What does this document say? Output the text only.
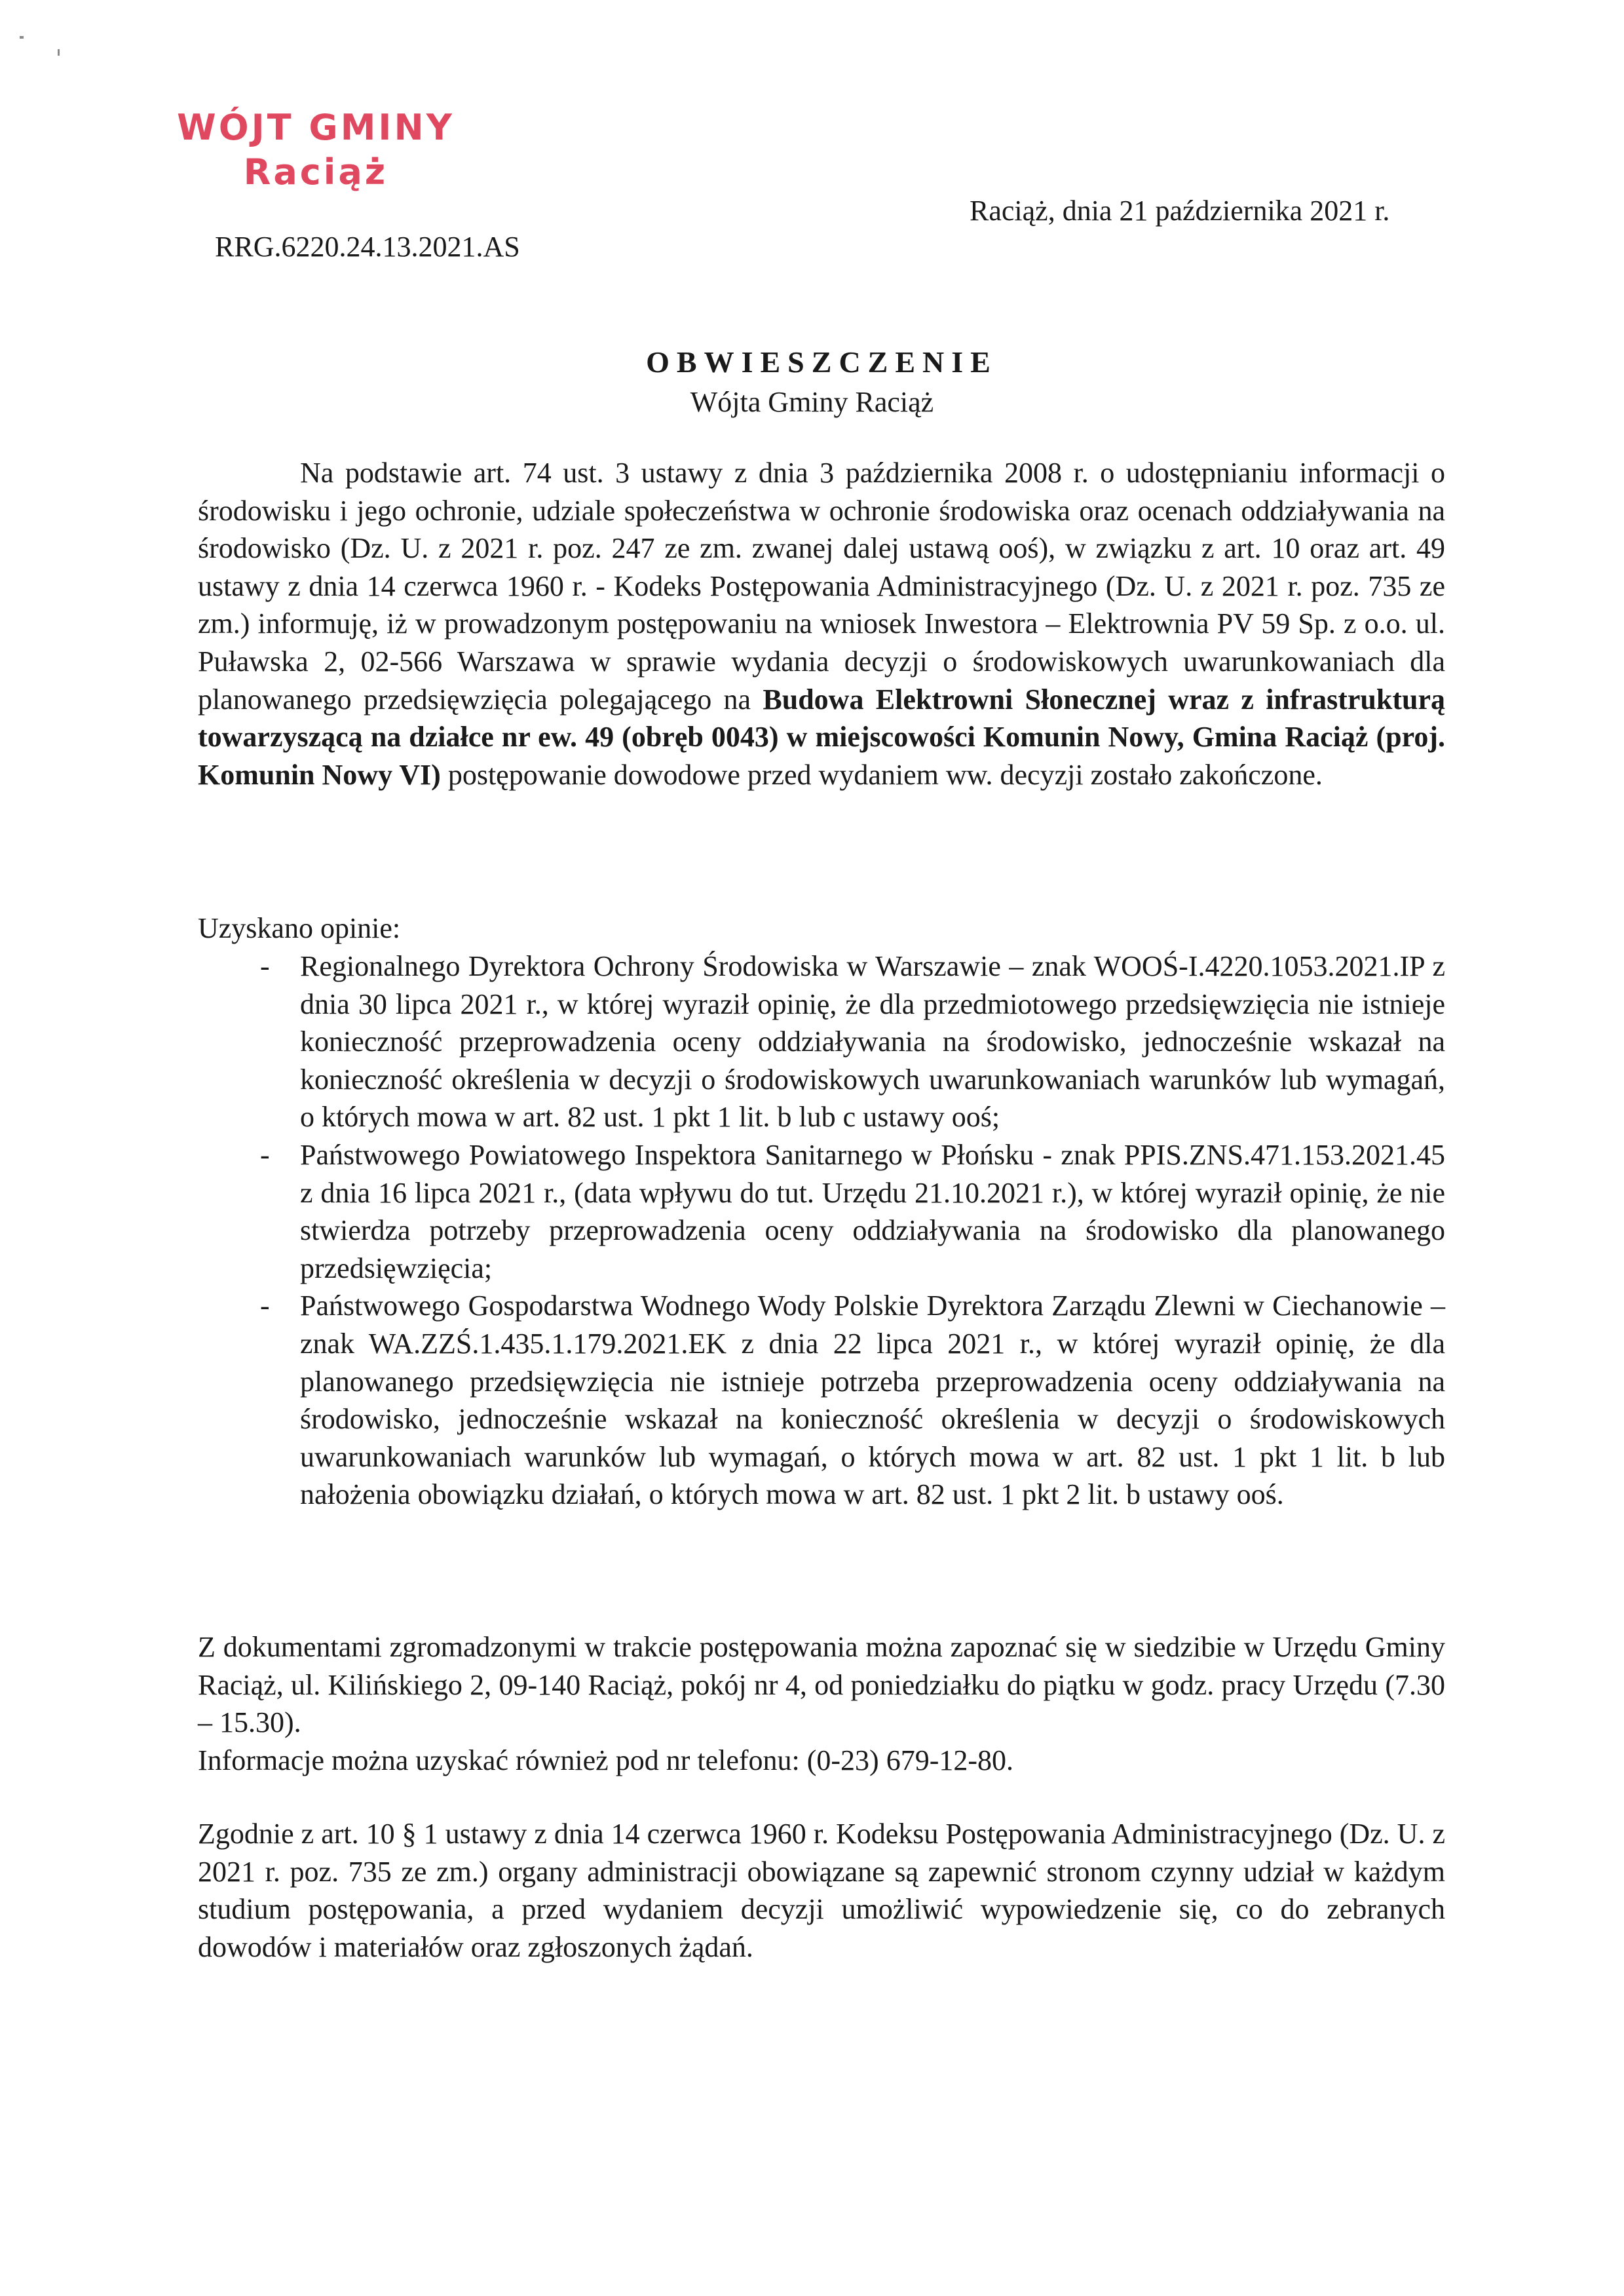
WÓJT GMINY
Raciąż
RRG.6220.24.13.2021.AS
Raciąż, dnia 21 października 2021 r.
OBWIESZCZENIE
Wójta Gminy Raciąż
Na podstawie art. 74 ust. 3 ustawy z dnia 3 października 2008 r. o udostępnianiu informacji o środowisku i jego ochronie, udziale społeczeństwa w ochronie środowiska oraz ocenach oddziaływania na środowisko (Dz. U. z 2021 r. poz. 247 ze zm. zwanej dalej ustawą ooś), w związku z art. 10 oraz art. 49 ustawy z dnia 14 czerwca 1960 r. - Kodeks Postępowania Administracyjnego (Dz. U. z 2021 r. poz. 735 ze zm.) informuję, iż w prowadzonym postępowaniu na wniosek Inwestora – Elektrownia PV 59 Sp. z o.o. ul. Puławska 2, 02-566 Warszawa w sprawie wydania decyzji o środowiskowych uwarunkowaniach dla planowanego przedsięwzięcia polegającego na Budowa Elektrowni Słonecznej wraz z infrastrukturą towarzyszącą na działce nr ew. 49 (obręb 0043) w miejscowości Komunin Nowy, Gmina Raciąż (proj. Komunin Nowy VI) postępowanie dowodowe przed wydaniem ww. decyzji zostało zakończone.
Uzyskano opinie:
- Regionalnego Dyrektora Ochrony Środowiska w Warszawie – znak WOOŚ-I.4220.1053.2021.IP z dnia 30 lipca 2021 r., w której wyraził opinię, że dla przedmiotowego przedsięwzięcia nie istnieje konieczność przeprowadzenia oceny oddziaływania na środowisko, jednocześnie wskazał na konieczność określenia w decyzji o środowiskowych uwarunkowaniach warunków lub wymagań, o których mowa w art. 82 ust. 1 pkt 1 lit. b lub c ustawy ooś;
- Państwowego Powiatowego Inspektora Sanitarnego w Płońsku - znak PPIS.ZNS.471.153.2021.45 z dnia 16 lipca 2021 r., (data wpływu do tut. Urzędu 21.10.2021 r.), w której wyraził opinię, że nie stwierdza potrzeby przeprowadzenia oceny oddziaływania na środowisko dla planowanego przedsięwzięcia;
- Państwowego Gospodarstwa Wodnego Wody Polskie Dyrektora Zarządu Zlewni w Ciechanowie – znak WA.ZZŚ.1.435.1.179.2021.EK z dnia 22 lipca 2021 r., w której wyraził opinię, że dla planowanego przedsięwzięcia nie istnieje potrzeba przeprowadzenia oceny oddziaływania na środowisko, jednocześnie wskazał na konieczność określenia w decyzji o środowiskowych uwarunkowaniach warunków lub wymagań, o których mowa w art. 82 ust. 1 pkt 1 lit. b lub nałożenia obowiązku działań, o których mowa w art. 82 ust. 1 pkt 2 lit. b ustawy ooś.
Z dokumentami zgromadzonymi w trakcie postępowania można zapoznać się w siedzibie w Urzędu Gminy Raciąż, ul. Kilińskiego 2, 09-140 Raciąż, pokój nr 4, od poniedziałku do piątku w godz. pracy Urzędu (7.30 – 15.30).
Informacje można uzyskać również pod nr telefonu: (0-23) 679-12-80.
Zgodnie z art. 10 § 1 ustawy z dnia 14 czerwca 1960 r. Kodeksu Postępowania Administracyjnego (Dz. U. z 2021 r. poz. 735 ze zm.) organy administracji obowiązane są zapewnić stronom czynny udział w każdym studium postępowania, a przed wydaniem decyzji umożliwić wypowiedzenie się, co do zebranych dowodów i materiałów oraz zgłoszonych żądań.
